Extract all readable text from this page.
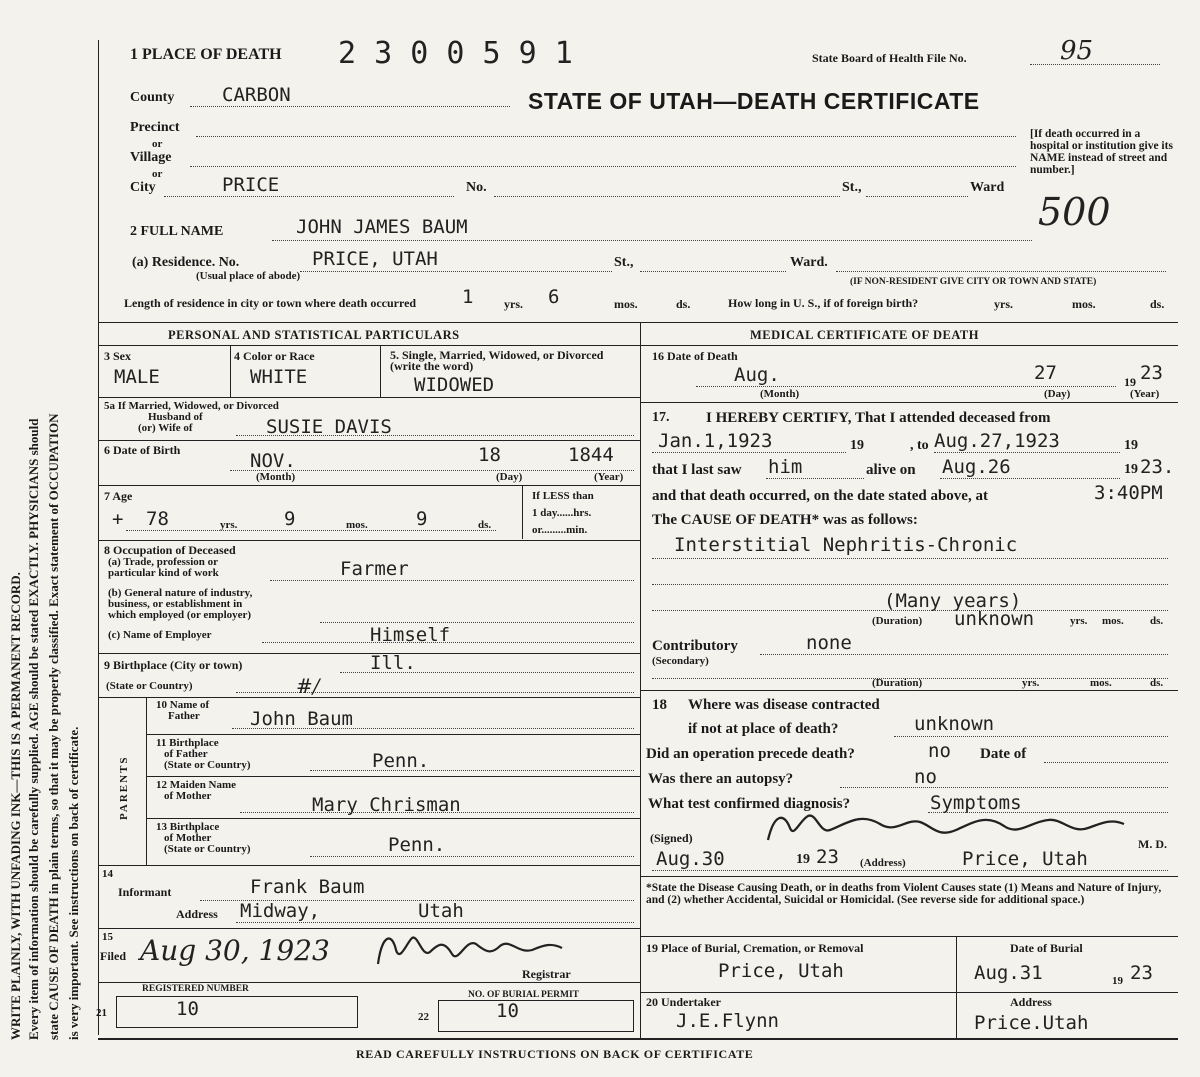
WRITE PLAINLY, WITH UNFADING INK—THIS IS A PERMANENT RECORD. Every item of information should be carefully supplied. AGE should be stated EXACTLY. PHYSICIANS should state CAUSE OF DEATH in plain terms, so that it may be properly classified. Exact statement of OCCUPATION is very important. See instructions on back of certificate.
1 PLACE OF DEATH 2 3 0 0 5 9 1	State Board of Health File No.	95
STATE OF UTAH—DEATH CERTIFICATE
County	CARBON
Precinct
or
Village
or
City	PRICE	No.	St.,	Ward
[If death occurred in a hospital or institution give its NAME instead of street and number.]
500
2 FULL NAME	JOHN JAMES BAUM
(a) Residence. No.	PRICE, UTAH	St.,	Ward.
(Usual place of abode)	(IF NON-RESIDENT GIVE CITY OR TOWN AND STATE)
Length of residence in city or town where death occurred 1	yrs. 6	mos.	ds.	How long in U. S., if of foreign birth?	yrs.	mos.	ds.
PERSONAL AND STATISTICAL PARTICULARS
3 Sex
MALE
4 Color or Race
WHITE
5. Single, Married, Widowed, or Divorced (write the word)
WIDOWED
5a If Married, Widowed, or Divorced
Husband of
(or) Wife of	SUSIE DAVIS
6 Date of Birth	NOV.	18	1844
(Month)	(Day)	(Year)
7 Age
+ 78	yrs. 9	mos.	9	ds.
If LESS than
1 day......hrs.
or.........min.
8 Occupation of Deceased
(a) Trade, profession or
particular kind of work	Farmer
(b) General nature of industry,
business, or establishment in
which employed (or employer)
(c) Name of Employer	Himself
9 Birthplace (City or town)	Ill.
(State or Country)	#/
PARENTS
10 Name of
Father	John Baum
11 Birthplace
of Father
(State or Country)	Penn.
12 Maiden Name
of Mother	Mary Chrisman
13 Birthplace
of Mother
(State or Country)	Penn.
14
Informant	Frank Baum
Address Midway,	Utah
15
Filed Aug 30, 1923
Registrar
REGISTERED NUMBER
NO. OF BURIAL PERMIT
21	10	22	10
MEDICAL CERTIFICATE OF DEATH
16 Date of Death
Aug.	27	19 23
(Month)	(Day)	(Year)
17. I HEREBY CERTIFY, That I attended deceased from
Jan.1,1923	19	, to Aug.27,1923	19
that I last saw him	alive on Aug.26	19 23.
and that death occurred, on the date stated above, at	3:40PM
The CAUSE OF DEATH* was as follows:
Interstitial Nephritis-Chronic
(Many years)
unknown
(Duration)	yrs. mos. ds.
Contributory
(Secondary)
none
(Duration)	yrs.	mos.	ds.
18 Where was disease contracted
if not at place of death?	unknown
Did an operation precede death?	no Date of
Was there an autopsy?	no
What test confirmed diagnosis?	Symptoms
(Signed)	M. D.
Aug.30	19 23 (Address)	Price, Utah
*State the Disease Causing Death, or in deaths from Violent Causes state (1) Means and Nature of Injury, and (2) whether Accidental, Suicidal or Homicidal. (See reverse side for additional space.)
19 Place of Burial, Cremation, or Removal
Price, Utah
Date of Burial
Aug.31	19 23
20 Undertaker
J.E.Flynn
Address
Price.Utah
READ CAREFULLY INSTRUCTIONS ON BACK OF CERTIFICATE
